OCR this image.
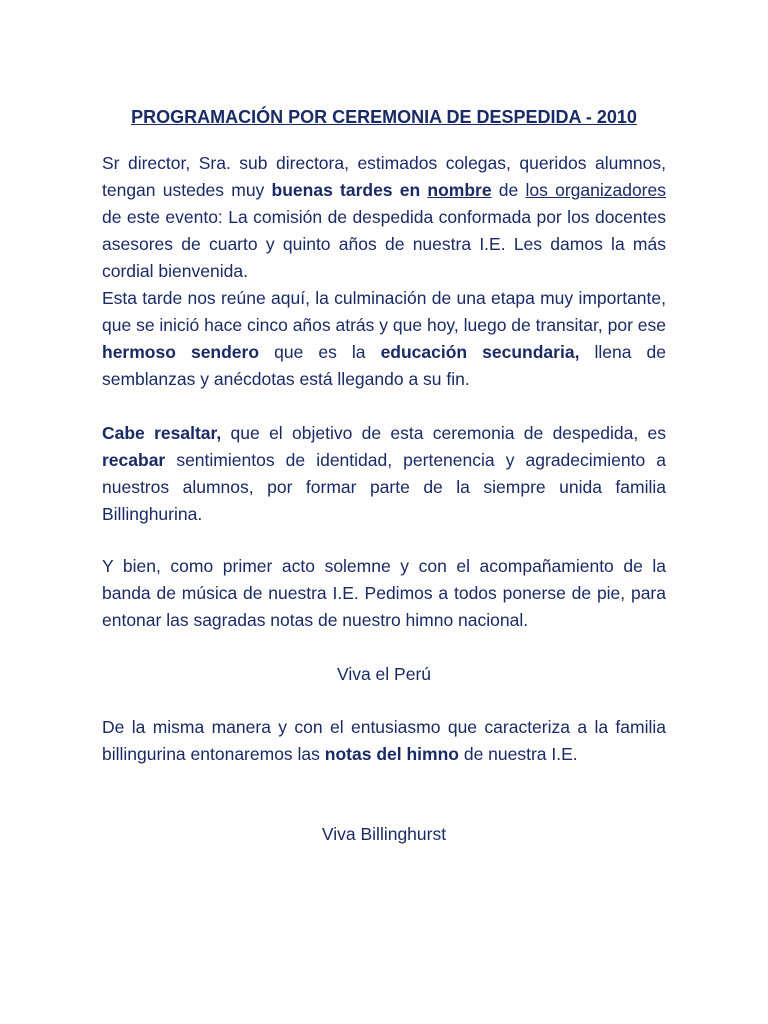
PROGRAMACIÓN POR CEREMONIA DE DESPEDIDA - 2010

Sr director, Sra. sub directora, estimados colegas, queridos alumnos, tengan ustedes muy buenas tardes en nombre de los organizadores de este evento: La comisión de despedida conformada por los docentes asesores de cuarto y quinto años de nuestra I.E. Les damos la más cordial bienvenida.

Esta tarde nos reúne aquí, la culminación de una etapa muy importante, que se inició hace cinco años atrás y que hoy, luego de transitar, por ese hermoso sendero que es la educación secundaria, llena de semblanzas y anécdotas está llegando a su fin.

Cabe resaltar, que el objetivo de esta ceremonia de despedida, es recabar sentimientos de identidad, pertenencia y agradecimiento a nuestros alumnos, por formar parte de la siempre unida familia Billinghurina.

Y bien, como primer acto solemne y con el acompañamiento de la banda de música de nuestra I.E. Pedimos a todos ponerse de pie, para entonar las sagradas notas de nuestro himno nacional.

Viva el Perú

De la misma manera y con el entusiasmo que caracteriza a la familia billingurina entonaremos las notas del himno de nuestra I.E.

Viva Billinghurst
